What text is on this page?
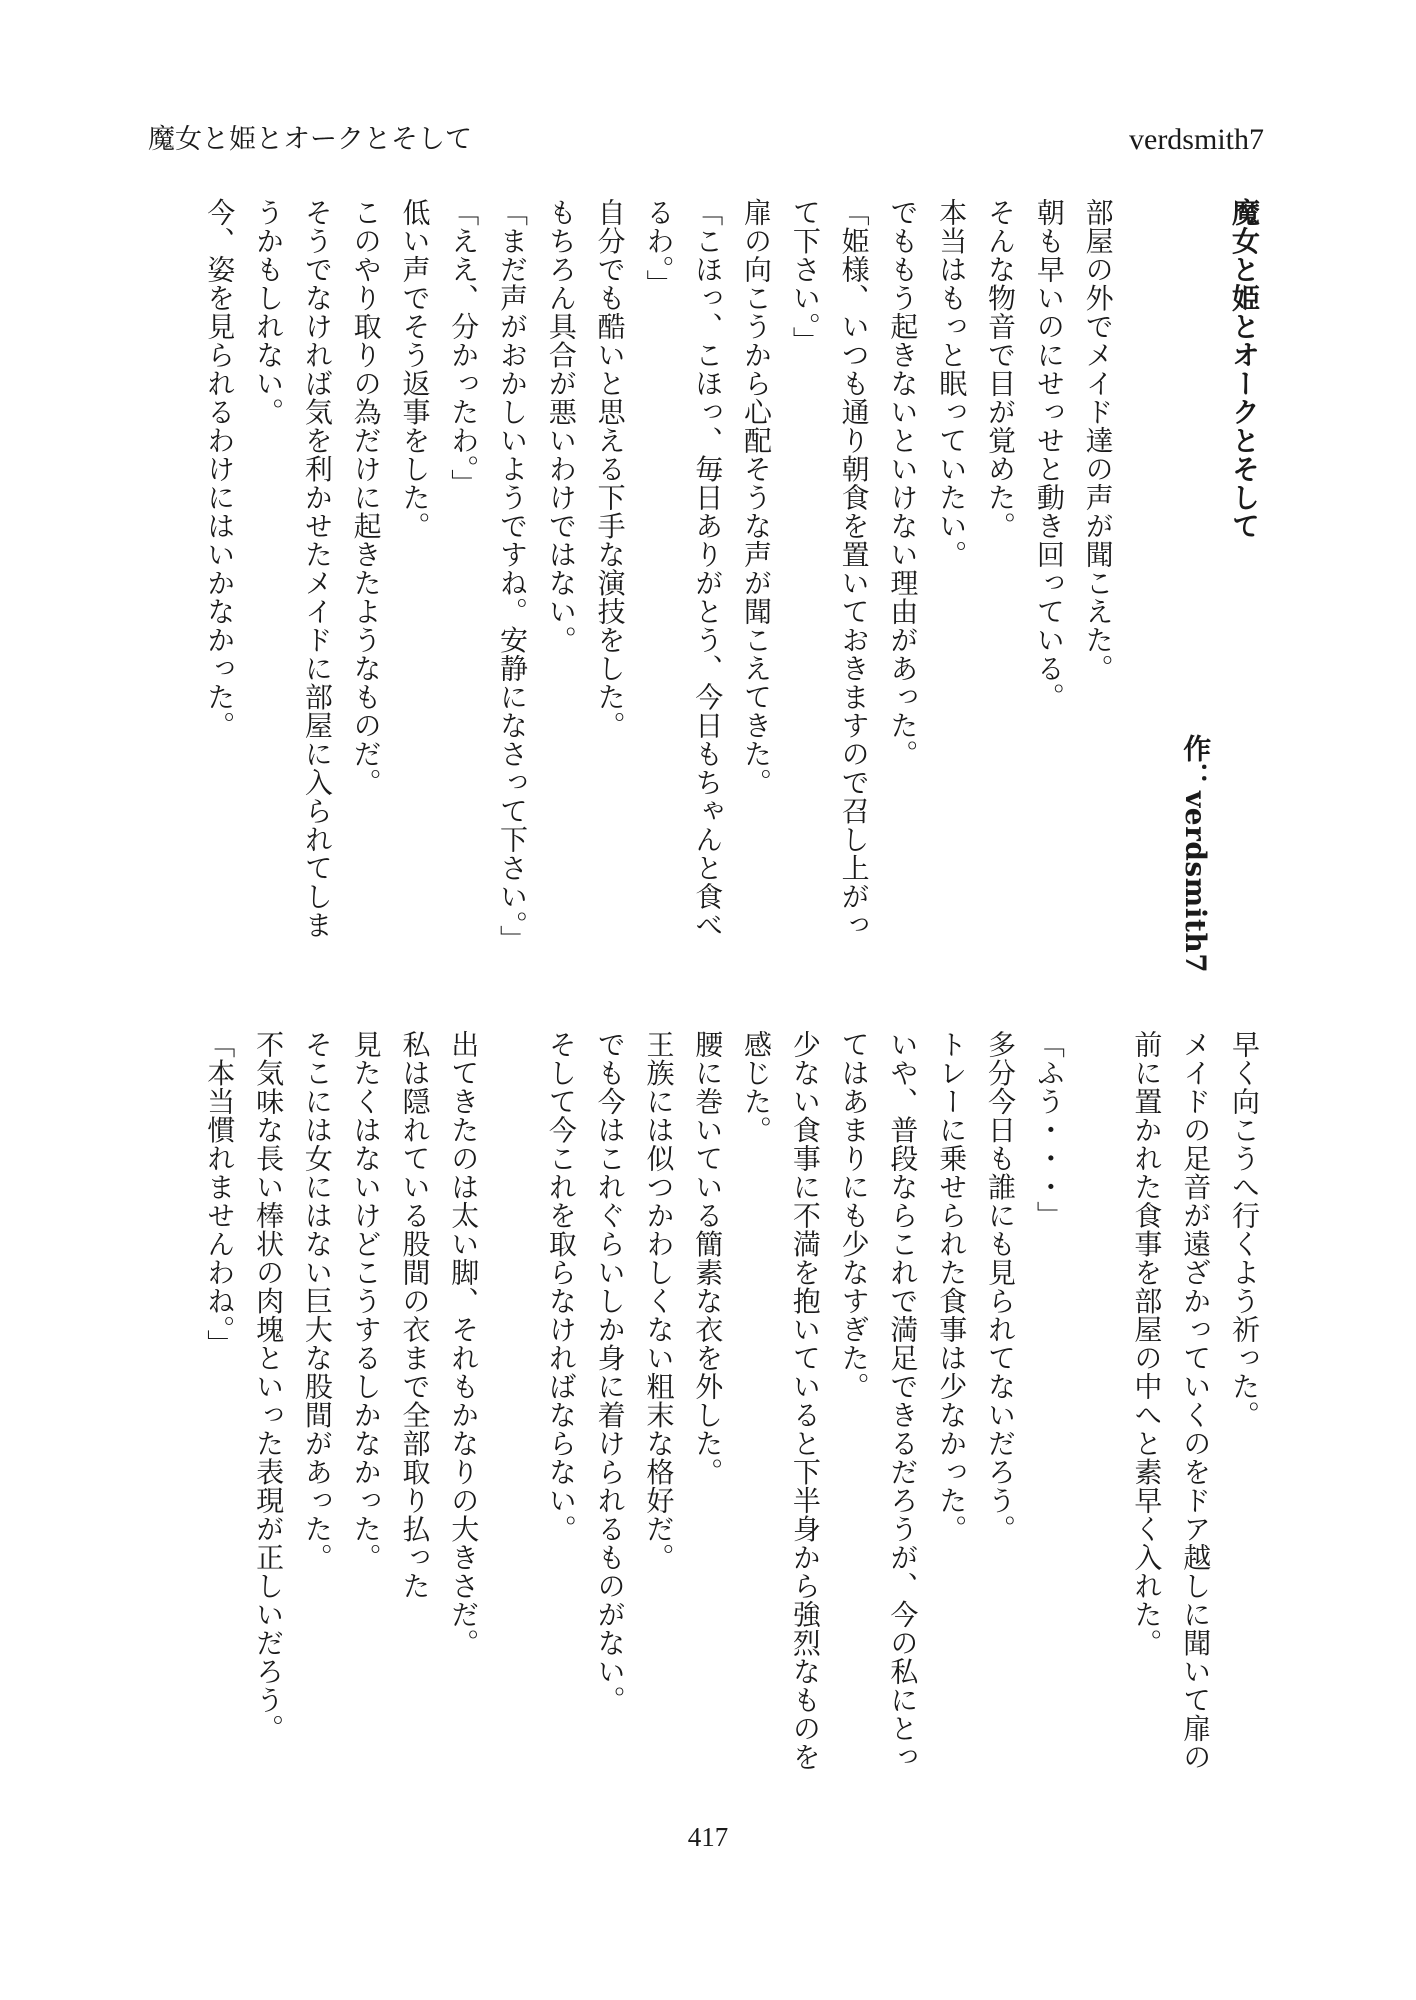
魔女と姫とオークとそして	verdsmith7
魔女と姫とオークとそして
作：verdsmith7
部屋の外でメイド達の声が聞こえた。
朝も早いのにせっせと動き回っている。
そんな物音で目が覚めた。
本当はもっと眠っていたい。
でももう起きないといけない理由があった。
「姫様、いつも通り朝食を置いておきますので召し上がっ
て下さい。」
扉の向こうから心配そうな声が聞こえてきた。
「こほっ、こほっ、毎日ありがとう、今日もちゃんと食べ
るわ。」
自分でも酷いと思える下手な演技をした。
もちろん具合が悪いわけではない。
「まだ声がおかしいようですね。安静になさって下さい。」
「ええ、分かったわ。」
低い声でそう返事をした。
このやり取りの為だけに起きたようなものだ。
そうでなければ気を利かせたメイドに部屋に入られてしま
うかもしれない。
今、姿を見られるわけにはいかなかった。
早く向こうへ行くよう祈った。
メイドの足音が遠ざかっていくのをドア越しに聞いて扉の
前に置かれた食事を部屋の中へと素早く入れた。
「ふう・・・」
多分今日も誰にも見られてないだろう。
トレーに乗せられた食事は少なかった。
いや、普段ならこれで満足できるだろうが、今の私にとっ
てはあまりにも少なすぎた。
少ない食事に不満を抱いていると下半身から強烈なものを
感じた。
腰に巻いている簡素な衣を外した。
王族には似つかわしくない粗末な格好だ。
でも今はこれぐらいしか身に着けられるものがない。
そして今これを取らなければならない。
出てきたのは太い脚、それもかなりの大きさだ。
私は隠れている股間の衣まで全部取り払った
見たくはないけどこうするしかなかった。
そこには女にはない巨大な股間があった。
不気味な長い棒状の肉塊といった表現が正しいだろう。
「本当慣れませんわね。」
417
